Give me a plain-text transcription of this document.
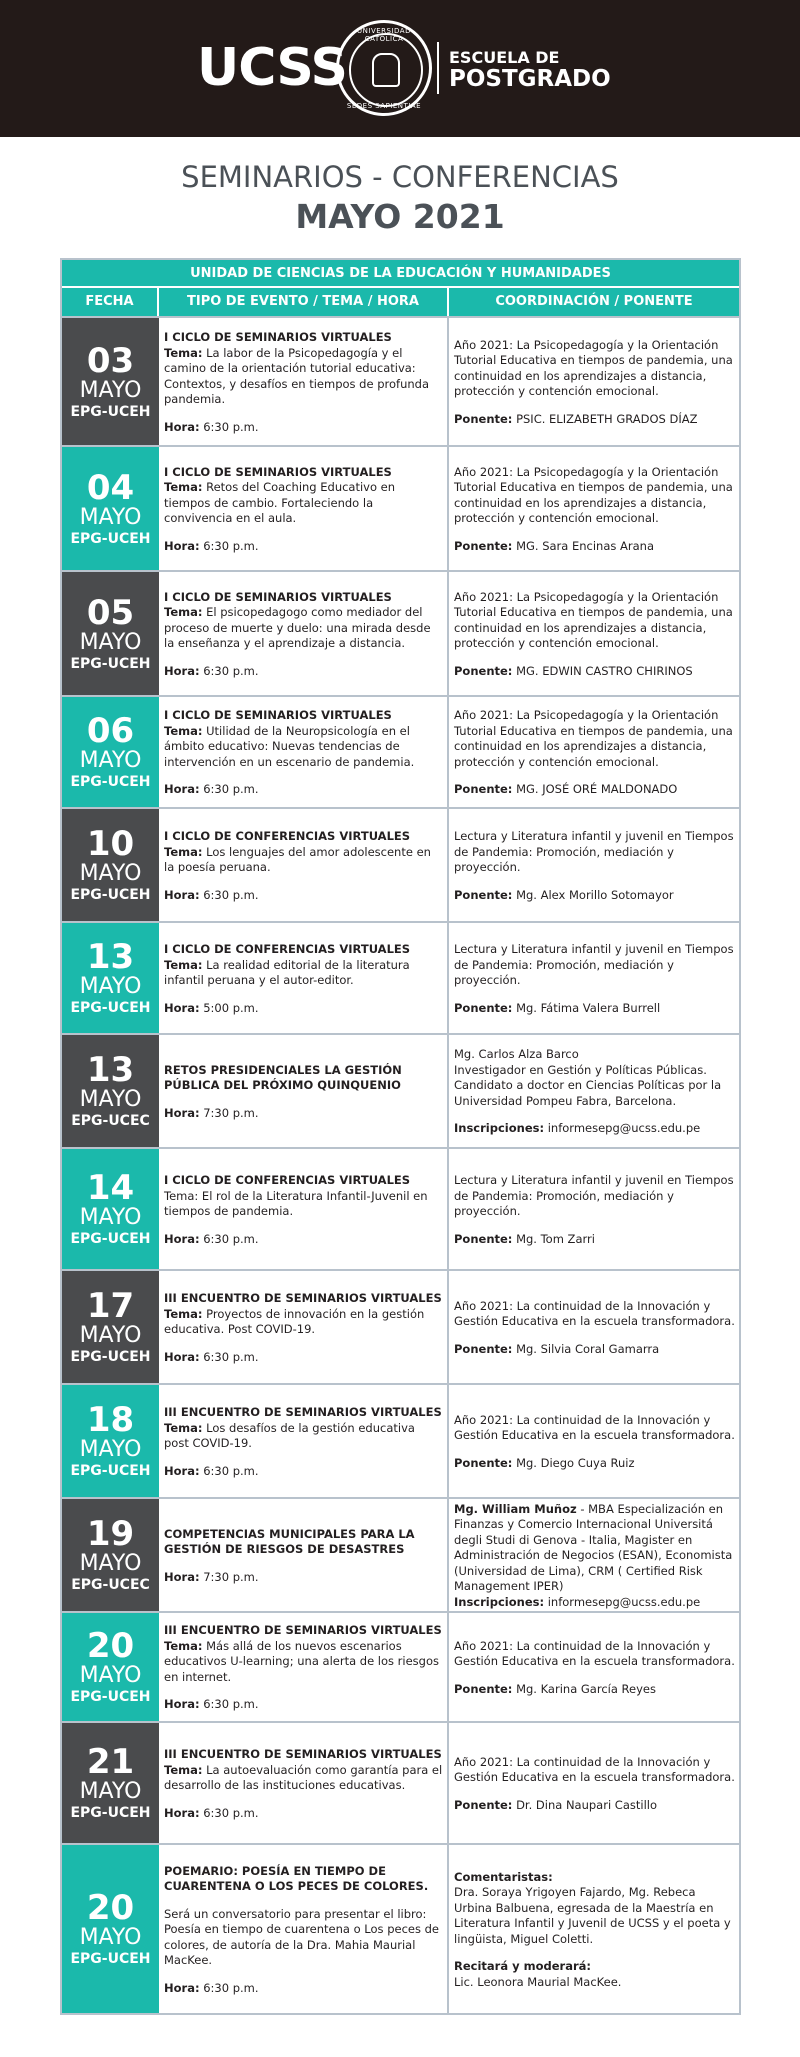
UCSS
UNIVERSIDAD CATÓLICA
SEDES SAPIENTIAE
ESCUELA DE
POSTGRADO
SEMINARIOS - CONFERENCIAS
MAYO 2021
UNIDAD DE CIENCIAS DE LA EDUCACIÓN Y HUMANIDADES
FECHA	TIPO DE EVENTO / TEMA / HORA	COORDINACIÓN / PONENTE
03
MAYO
EPG-UCEH
I CICLO DE SEMINARIOS VIRTUALES
Tema: La labor de la Psicopedagogía y el camino de la orientación tutorial educativa: Contextos, y desafíos en tiempos de profunda pandemia.
Hora: 6:30 p.m.
Año 2021: La Psicopedagogía y la Orientación Tutorial Educativa en tiempos de pandemia, una continuidad en los aprendizajes a distancia, protección y contención emocional.
Ponente: PSIC. ELIZABETH GRADOS DÍAZ
04
MAYO
EPG-UCEH
I CICLO DE SEMINARIOS VIRTUALES
Tema: Retos del Coaching Educativo en tiempos de cambio. Fortaleciendo la convivencia en el aula.
Hora: 6:30 p.m.
Año 2021: La Psicopedagogía y la Orientación Tutorial Educativa en tiempos de pandemia, una continuidad en los aprendizajes a distancia, protección y contención emocional.
Ponente: MG. Sara Encinas Arana
05
MAYO
EPG-UCEH
I CICLO DE SEMINARIOS VIRTUALES
Tema: El psicopedagogo como mediador del proceso de muerte y duelo: una mirada desde la enseñanza y el aprendizaje a distancia.
Hora: 6:30 p.m.
Año 2021: La Psicopedagogía y la Orientación Tutorial Educativa en tiempos de pandemia, una continuidad en los aprendizajes a distancia, protección y contención emocional.
Ponente: MG. EDWIN CASTRO CHIRINOS
06
MAYO
EPG-UCEH
I CICLO DE SEMINARIOS VIRTUALES
Tema: Utilidad de la Neuropsicología en el ámbito educativo: Nuevas tendencias de intervención en un escenario de pandemia.
Hora: 6:30 p.m.
Año 2021: La Psicopedagogía y la Orientación Tutorial Educativa en tiempos de pandemia, una continuidad en los aprendizajes a distancia, protección y contención emocional.
Ponente: MG. JOSÉ ORÉ MALDONADO
10
MAYO
EPG-UCEH
I CICLO DE CONFERENCIAS VIRTUALES
Tema: Los lenguajes del amor adolescente en la poesía peruana.
Hora: 6:30 p.m.
Lectura y Literatura infantil y juvenil en Tiempos de Pandemia: Promoción, mediación y proyección.
Ponente: Mg. Alex Morillo Sotomayor
13
MAYO
EPG-UCEH
I CICLO DE CONFERENCIAS VIRTUALES
Tema: La realidad editorial de la literatura infantil peruana y el autor-editor.
Hora: 5:00 p.m.
Lectura y Literatura infantil y juvenil en Tiempos de Pandemia: Promoción, mediación y proyección.
Ponente: Mg. Fátima Valera Burrell
13
MAYO
EPG-UCEC
RETOS PRESIDENCIALES LA GESTIÓN PÚBLICA DEL PRÓXIMO QUINQUENIO
Hora: 7:30 p.m.
Mg. Carlos Alza Barco
Investigador en Gestión y Políticas Públicas.
Candidato a doctor en Ciencias Políticas por la Universidad Pompeu Fabra, Barcelona.
Inscripciones: informesepg@ucss.edu.pe
14
MAYO
EPG-UCEH
I CICLO DE CONFERENCIAS VIRTUALES
Tema: El rol de la Literatura Infantil-Juvenil en tiempos de pandemia.
Hora: 6:30 p.m.
Lectura y Literatura infantil y juvenil en Tiempos de Pandemia: Promoción, mediación y proyección.
Ponente: Mg. Tom Zarri
17
MAYO
EPG-UCEH
III ENCUENTRO DE SEMINARIOS VIRTUALES
Tema: Proyectos de innovación en la gestión educativa. Post COVID-19.
Hora: 6:30 p.m.
Año 2021: La continuidad de la Innovación y Gestión Educativa en la escuela transformadora.
Ponente: Mg. Silvia Coral Gamarra
18
MAYO
EPG-UCEH
III ENCUENTRO DE SEMINARIOS VIRTUALES
Tema: Los desafíos de la gestión educativa post COVID-19.
Hora: 6:30 p.m.
Año 2021: La continuidad de la Innovación y Gestión Educativa en la escuela transformadora.
Ponente: Mg. Diego Cuya Ruiz
19
MAYO
EPG-UCEC
COMPETENCIAS MUNICIPALES PARA LA GESTIÓN DE RIESGOS DE DESASTRES
Hora: 7:30 p.m.
Mg. William Muñoz - MBA Especialización en Finanzas y Comercio Internacional Universitá degli Studi di Genova - Italia, Magister en Administración de Negocios (ESAN), Economista (Universidad de Lima), CRM ( Certified Risk Management IPER)
Inscripciones: informesepg@ucss.edu.pe
20
MAYO
EPG-UCEH
III ENCUENTRO DE SEMINARIOS VIRTUALES
Tema: Más allá de los nuevos escenarios educativos U-learning; una alerta de los riesgos en internet.
Hora: 6:30 p.m.
Año 2021: La continuidad de la Innovación y Gestión Educativa en la escuela transformadora.
Ponente: Mg. Karina García Reyes
21
MAYO
EPG-UCEH
III ENCUENTRO DE SEMINARIOS VIRTUALES
Tema: La autoevaluación como garantía para el desarrollo de las instituciones educativas.
Hora: 6:30 p.m.
Año 2021: La continuidad de la Innovación y Gestión Educativa en la escuela transformadora.
Ponente: Dr. Dina Naupari Castillo
20
MAYO
EPG-UCEH
POEMARIO: POESÍA EN TIEMPO DE CUARENTENA O LOS PECES DE COLORES.
Será un conversatorio para presentar el libro: Poesía en tiempo de cuarentena o Los peces de colores, de autoría de la Dra. Mahia Maurial MacKee.
Hora: 6:30 p.m.
Comentaristas:
Dra. Soraya Yrigoyen Fajardo, Mg. Rebeca Urbina Balbuena, egresada de la Maestría en Literatura Infantil y Juvenil de UCSS y el poeta y lingüista, Miguel Coletti.
Recitará y moderará:
Lic. Leonora Maurial MacKee.
